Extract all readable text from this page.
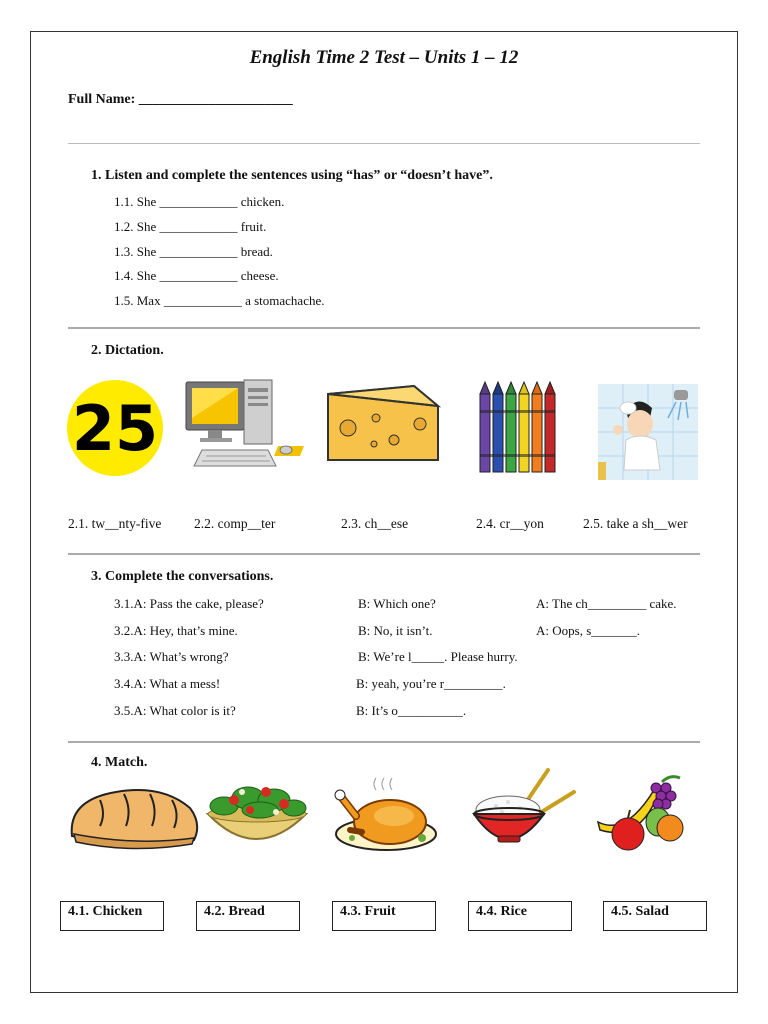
English Time 2 Test – Units 1 – 12
Full Name: ______________________
1. Listen and complete the sentences using “has” or “doesn’t have”.
1.1. She ____________ chicken.
1.2. She ____________ fruit.
1.3. She ____________ bread.
1.4. She ____________ cheese.
1.5. Max ____________ a stomachache.
2. Dictation.
25
2.1. tw__nty-five 2.2. comp__ter	2.3. ch__ese	2.4. cr__yon	2.5. take a sh__wer
3. Complete the conversations.
3.1.A: Pass the cake, please?	B: Which one?	A: The ch_________ cake.
3.2.A: Hey, that’s mine.	B: No, it isn’t.	A: Oops, s_______.
3.3.A: What’s wrong?	B: We’re l_____. Please hurry.
3.4.A: What a mess!	B: yeah, you’re r_________.
3.5.A: What color is it?	B: It’s o__________.
4. Match.
4.1. Chicken	4.2. Bread	4.3. Fruit	4.4. Rice	4.5. Salad
